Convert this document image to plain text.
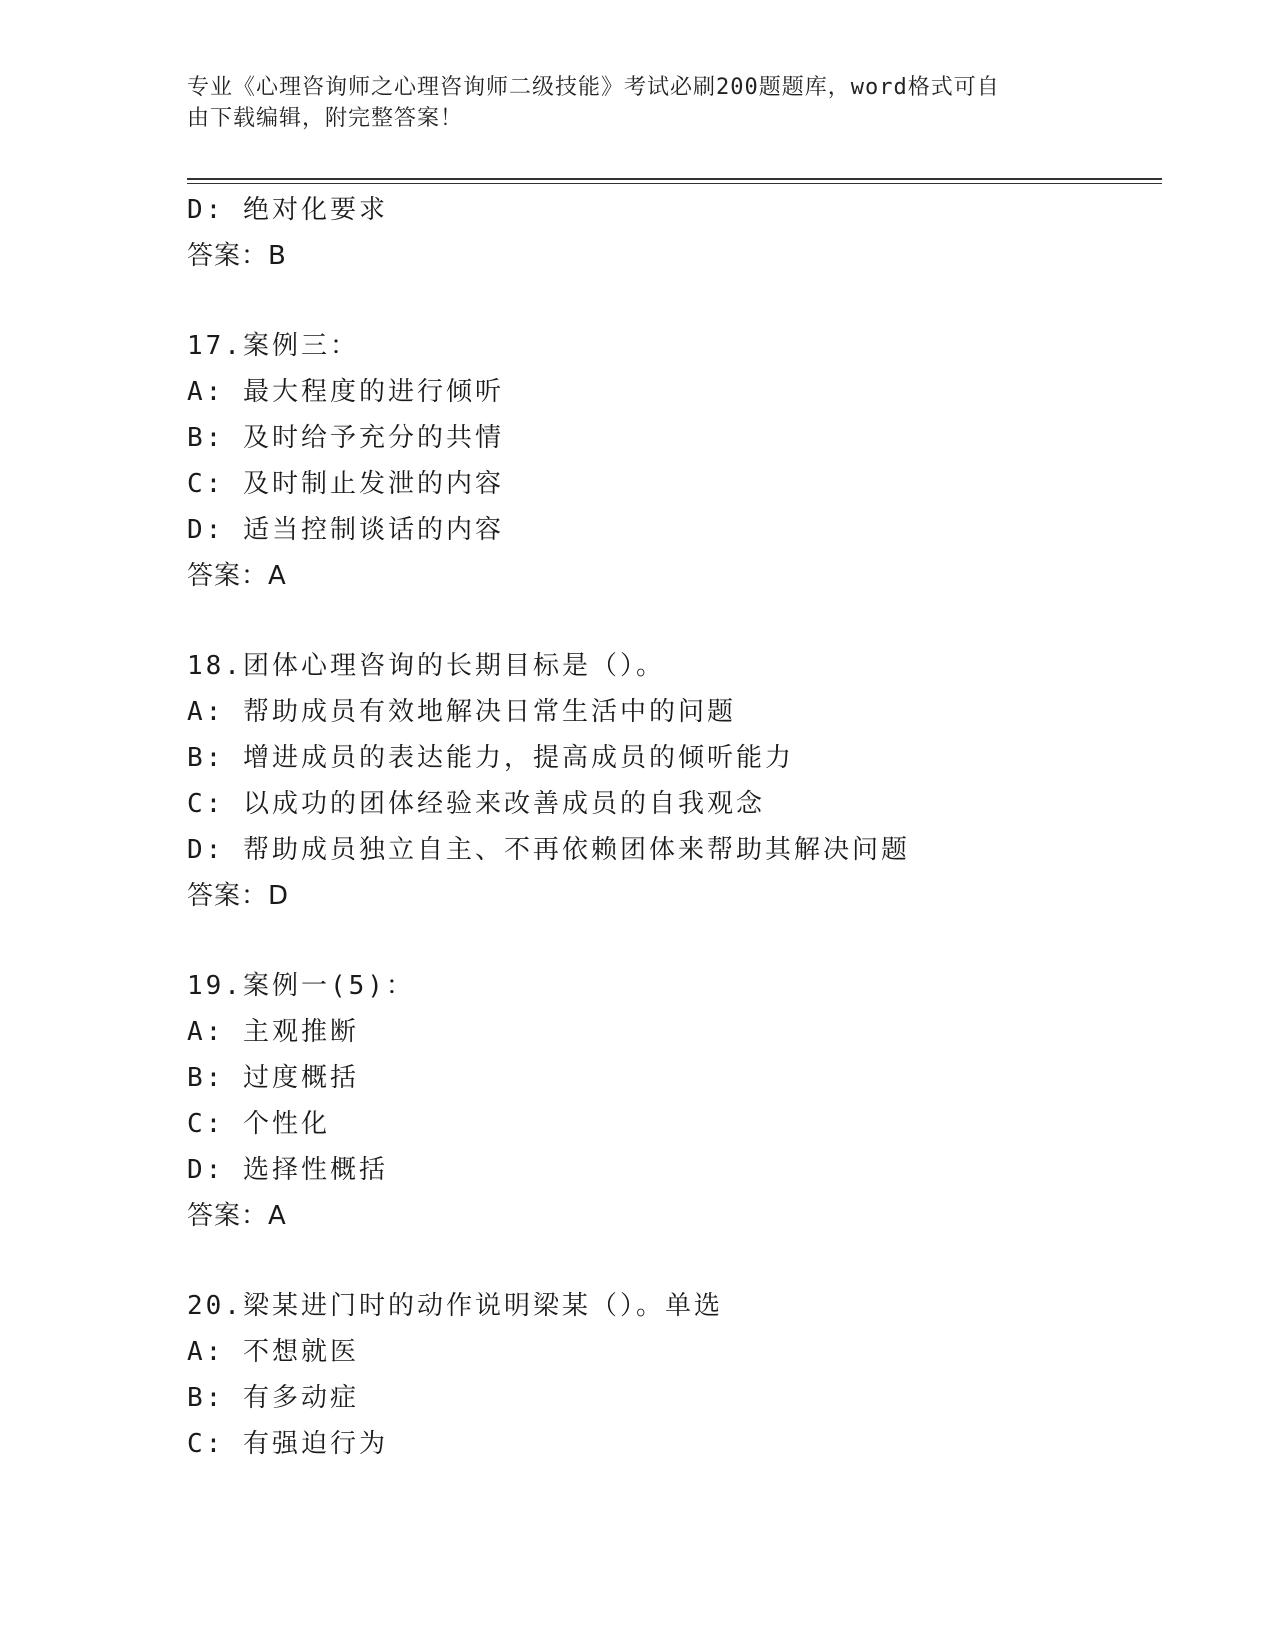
专业《心理咨询师之心理咨询师二级技能》考试必刷200题题库，word格式可自
由下载编辑，附完整答案！
D: 绝对化要求
答案：B
17.案例三：
A: 最大程度的进行倾听
B: 及时给予充分的共情
C: 及时制止发泄的内容
D: 适当控制谈话的内容
答案：A
18.团体心理咨询的长期目标是（）。
A: 帮助成员有效地解决日常生活中的问题
B: 增进成员的表达能力，提高成员的倾听能力
C: 以成功的团体经验来改善成员的自我观念
D: 帮助成员独立自主、不再依赖团体来帮助其解决问题
答案：D
19.案例一(5)：
A: 主观推断
B: 过度概括
C: 个性化
D: 选择性概括
答案：A
20.梁某进门时的动作说明梁某（）。单选
A: 不想就医
B: 有多动症
C: 有强迫行为
